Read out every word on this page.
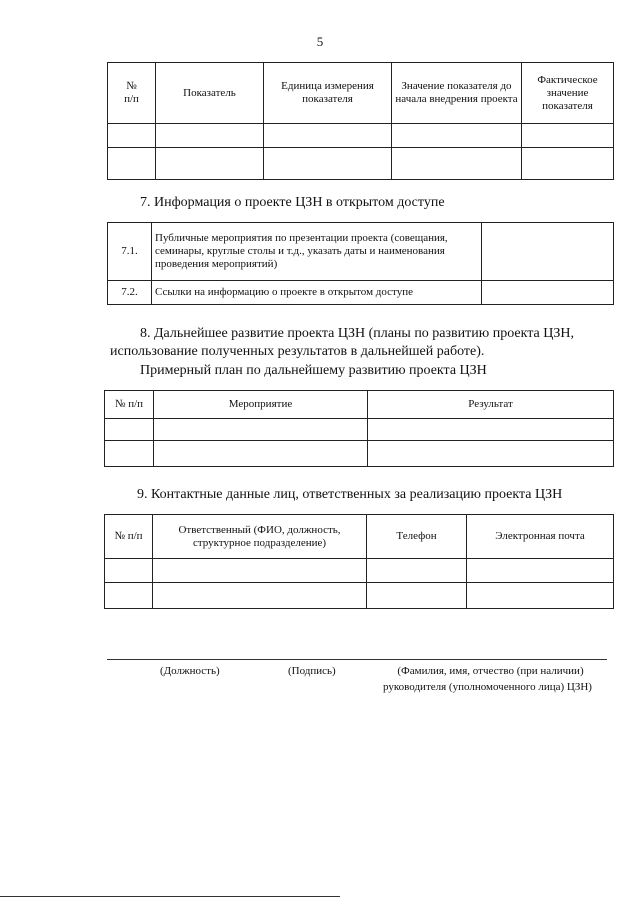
5
№
п/п	Показатель	Единица измерения показателя	Значение показателя до начала внедрения проекта	Фактическое значение показателя

7. Информация о проекте ЦЗН в открытом доступе
7.1.	Публичные мероприятия по презентации проекта (совещания, семинары, круглые столы и т.д., указать даты и наименования проведения мероприятий)	
7.2.	Ссылки на информацию о проекте в открытом доступе	
8. Дальнейшее развитие проекта ЦЗН (планы по развитию проекта ЦЗН,
использование полученных результатов в дальнейшей работе).
Примерный план по дальнейшему развитию проекта ЦЗН
№ п/п	Мероприятие	Результат

9. Контактные данные лиц, ответственных за реализацию проекта ЦЗН
№ п/п	Ответственный (ФИО, должность, структурное подразделение)	Телефон	Электронная почта

(Должность)	(Подпись)	(Фамилия, имя, отчество (при наличии)
руководителя (уполномоченного лица) ЦЗН)
